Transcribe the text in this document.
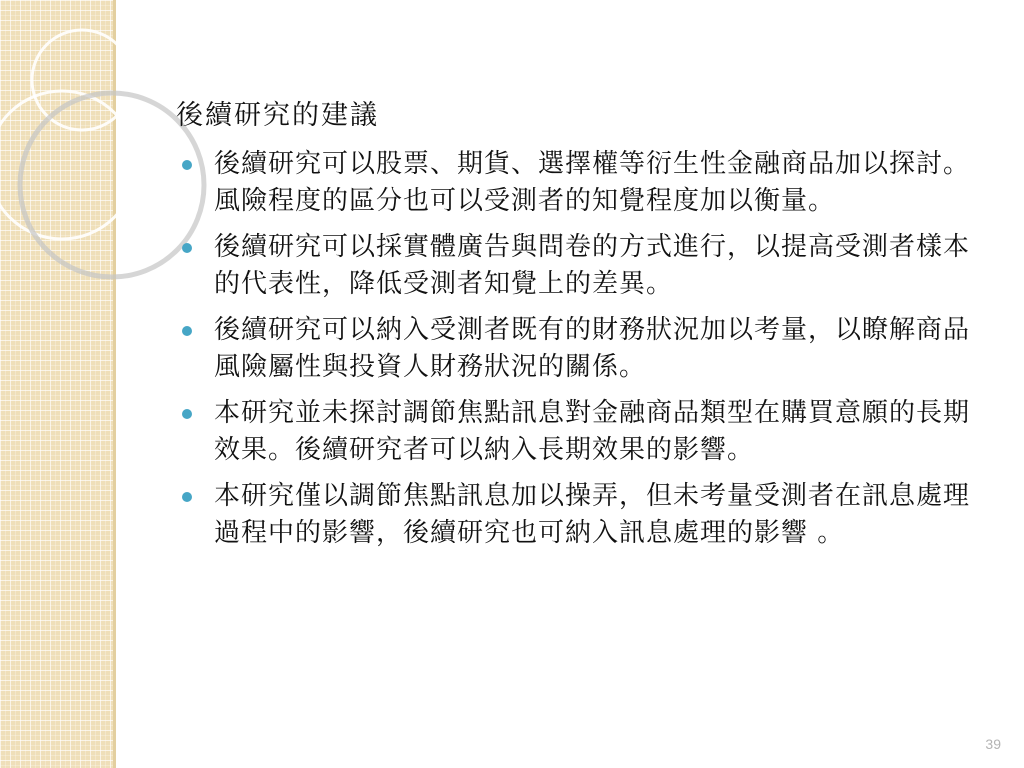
後續研究的建議
後續研究可以股票、期貨、選擇權等衍生性金融商品加以探討。風險程度的區分也可以受測者的知覺程度加以衡量。
後續研究可以採實體廣告與問卷的方式進行，以提高受測者樣本的代表性，降低受測者知覺上的差異。
後續研究可以納入受測者既有的財務狀況加以考量，以瞭解商品風險屬性與投資人財務狀況的關係。
本研究並未探討調節焦點訊息對金融商品類型在購買意願的長期效果。後續研究者可以納入長期效果的影響。
本研究僅以調節焦點訊息加以操弄，但未考量受測者在訊息處理過程中的影響，後續研究也可納入訊息處理的影響 。
39
